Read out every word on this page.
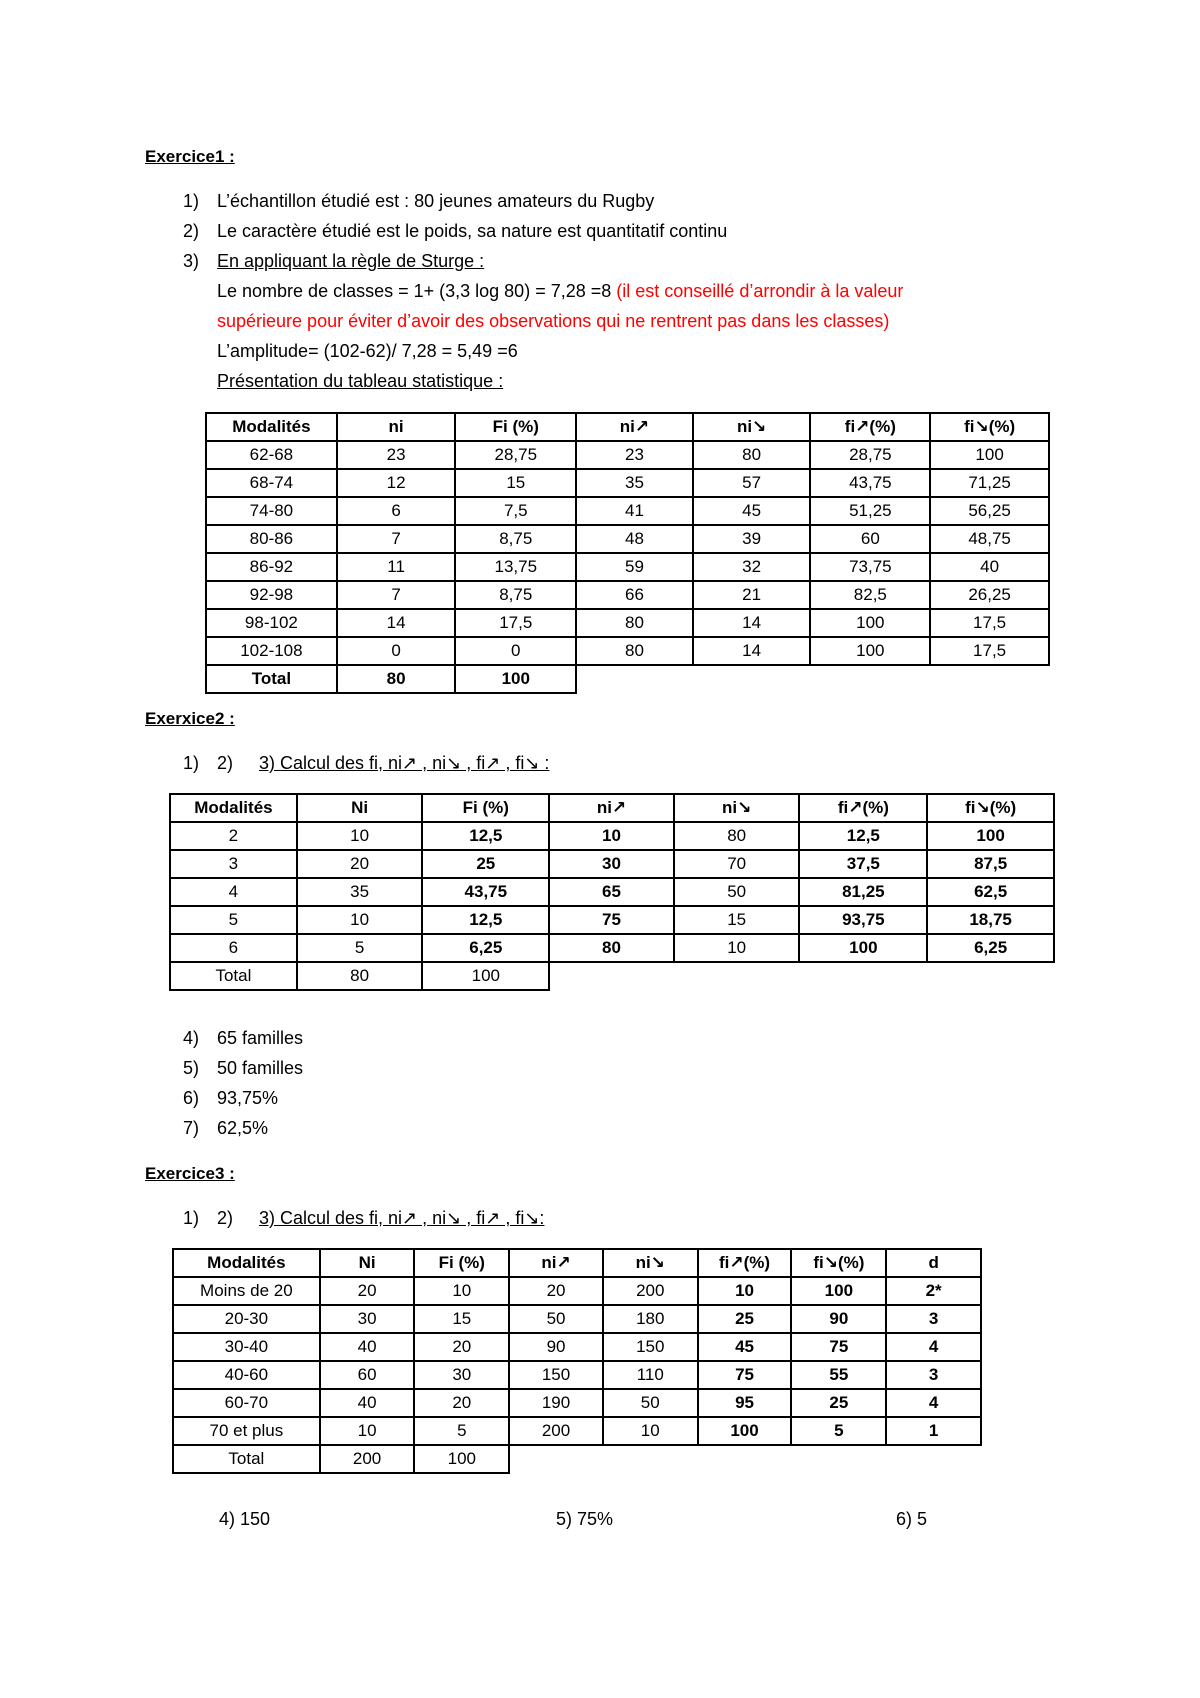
Exercice1 :
1) L’échantillon étudié est : 80 jeunes amateurs du Rugby
2) Le caractère étudié est le poids, sa nature est quantitatif continu
3) En appliquant la règle de Sturge :
Le nombre de classes = 1+ (3,3 log 80) = 7,28 =8 (il est conseillé d’arrondir à la valeur
supérieure pour éviter d’avoir des observations qui ne rentrent pas dans les classes)
L’amplitude= (102-62)/ 7,28 = 5,49 =6
Présentation du tableau statistique :
Modalités	ni	Fi (%)	ni↗	ni↘	fi↗(%)	fi↘(%)
62-68	23	28,75	23	80	28,75	100
68-74	12	15	35	57	43,75	71,25
74-80	6	7,5	41	45	51,25	56,25
80-86	7	8,75	48	39	60	48,75
86-92	11	13,75	59	32	73,75	40
92-98	7	8,75	66	21	82,5	26,25
98-102	14	17,5	80	14	100	17,5
102-108	0	0	80	14	100	17,5
Total	80	100				
Exerxice2 :
1) 2) 3) Calcul des fi, ni↗ , ni↘ , fi↗ , fi↘ :
Modalités	Ni	Fi (%)	ni↗	ni↘	fi↗(%)	fi↘(%)
2	10	12,5	10	80	12,5	100
3	20	25	30	70	37,5	87,5
4	35	43,75	65	50	81,25	62,5
5	10	12,5	75	15	93,75	18,75
6	5	6,25	80	10	100	6,25
Total	80	100				
4) 65 familles
5) 50 familles
6) 93,75%
7) 62,5%
Exercice3 :
1) 2) 3) Calcul des fi, ni↗ , ni↘ , fi↗ , fi↘:
Modalités	Ni	Fi (%)	ni↗	ni↘	fi↗(%)	fi↘(%)	d
Moins de 20	20	10	20	200	10	100	2*
20-30	30	15	50	180	25	90	3
30-40	40	20	90	150	45	75	4
40-60	60	30	150	110	75	55	3
60-70	40	20	190	50	95	25	4
70 et plus	10	5	200	10	100	5	1
Total	200	100					
4) 150	5) 75%	6) 5
